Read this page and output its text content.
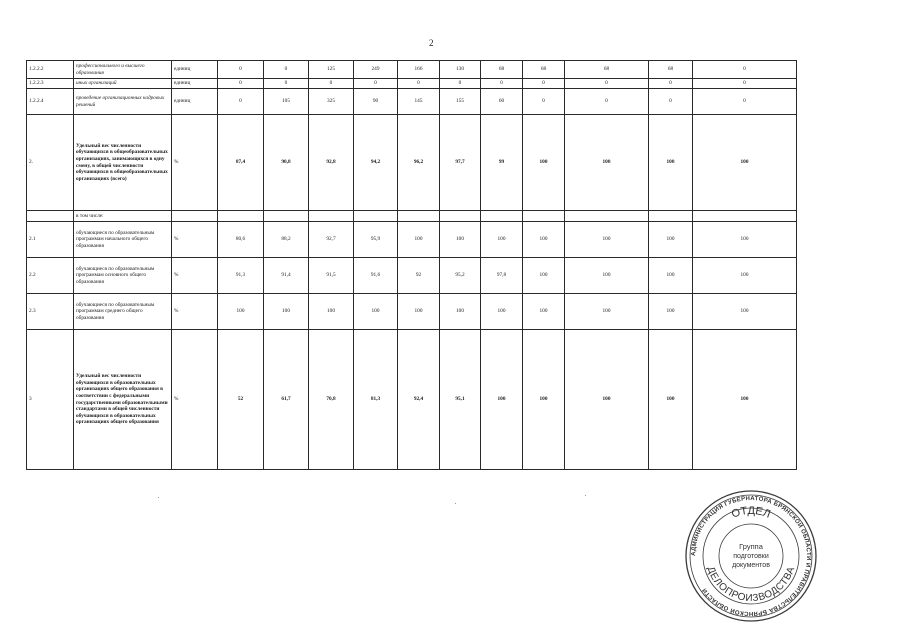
2
1.2.2.2	профессионального и высшего образования	единиц	0	0	125	249	166	130	68	68	68	68	0
1.2.2.3	иных организаций	единиц	0	0	0	0	0	0	0	0	0	0	0
1.2.2.4	проведение организационных кадровых решений	единиц	0	105	325	90	145	155	60	0	0	0	0
2.	Удельный вес численности обучающихся в общеобразовательных организациях, занимающихся в одну смену, в общей численности обучающихся в общеобразовательных организациях (всего)	%	87,4	90,8	92,8	94,2	96,2	97,7	99	100	100	100	100
	в том числе:												
2.1	обучающиеся по образовательным программам начального общего образования	%	80,6	88,2	92,7	95,9	100	100	100	100	100	100	100
2.2	обучающиеся по образовательным программам основного общего образования	%	91,3	91,4	91,5	91,6	92	95,2	97,8	100	100	100	100
2.3	обучающиеся по образовательным программам среднего общего образования	%	100	100	100	100	100	100	100	100	100	100	100
3	Удельный вес численности обучающихся в образовательных организациях общего образования в соответствии с федеральными государственными образовательными стандартами в общей численности обучающихся в образовательных организациях общего образования	%	52	61,7	70,8	81,3	92,4	95,1	100	100	100	100	100
АДМИНИСТРАЦИЯ ГУБЕРНАТОРА БРЯНСКОЙ ОБЛАСТИ И ПРАВИТЕЛЬСТВА БРЯНСКОЙ ОБЛАСТИ
ОТДЕЛ
ДЕЛОПРОИЗВОДСТВА
Группа
подготовки
документов
